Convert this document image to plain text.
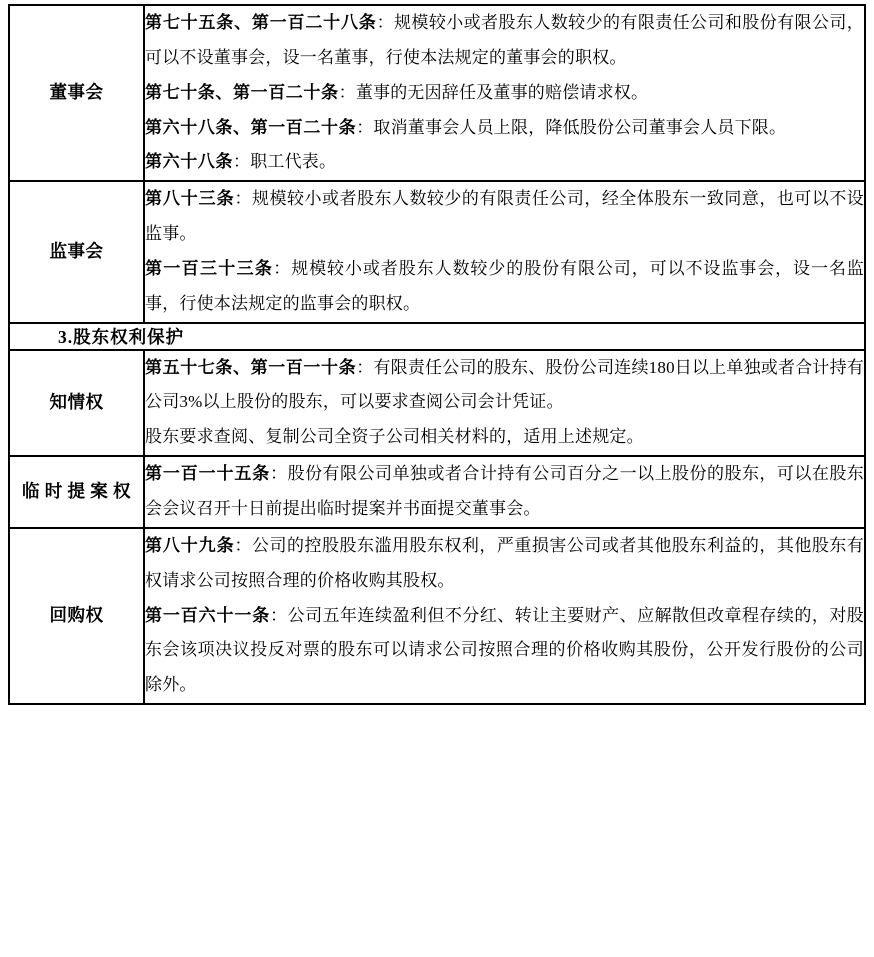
董事会	第七十五条、第一百二十八条：规模较小或者股东人数较少的有限责任公司和股份有限公司，可以不设董事会，设一名董事，行使本法规定的董事会的职权。

第七十条、第一百二十条：董事的无因辞任及董事的赔偿请求权。

第六十八条、第一百二十条：取消董事会人员上限，降低股份公司董事会人员下限。

第六十八条：职工代表。

监事会	第八十三条：规模较小或者股东人数较少的有限责任公司，经全体股东一致同意，也可以不设监事。

第一百三十三条：规模较小或者股东人数较少的股份有限公司，可以不设监事会，设一名监事，行使本法规定的监事会的职权。

3.股东权利保护	
知情权	第五十七条、第一百一十条：有限责任公司的股东、股份公司连续180日以上单独或者合计持有公司3%以上股份的股东，可以要求查阅公司会计凭证。

股东要求查阅、复制公司全资子公司相关材料的，适用上述规定。

临时提案权	第一百一十五条：股份有限公司单独或者合计持有公司百分之一以上股份的股东，可以在股东会会议召开十日前提出临时提案并书面提交董事会。

回购权	第八十九条：公司的控股股东滥用股东权利，严重损害公司或者其他股东利益的，其他股东有权请求公司按照合理的价格收购其股权。

第一百六十一条：公司五年连续盈利但不分红、转让主要财产、应解散但改章程存续的，对股东会该项决议投反对票的股东可以请求公司按照合理的价格收购其股份，公开发行股份的公司除外。
